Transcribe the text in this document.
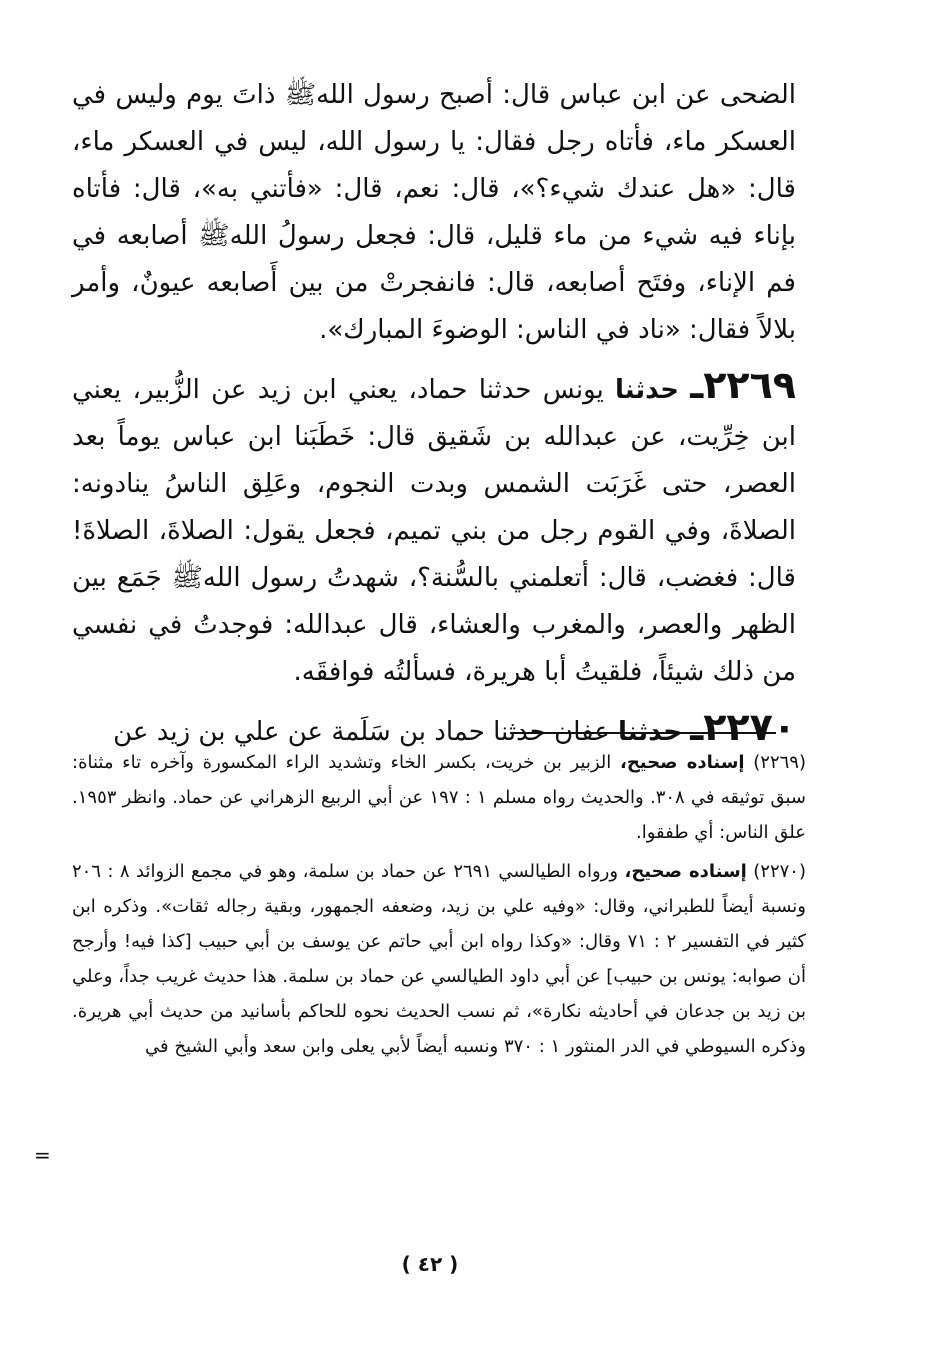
الضحى عن ابن عباس قال: أصبح رسول اللهﷺ ذاتَ يوم وليس في العسكر ماء، فأتاه رجل فقال: يا رسول الله، ليس في العسكر ماء، قال: «هل عندك شيء؟»، قال: نعم، قال: «فأتني به»، قال: فأتاه بإناء فيه شيء من ماء قليل، قال: فجعل رسولُ اللهﷺ أصابعه في فم الإناء، وفتَح أصابعه، قال: فانفجرتْ من بين أَصابعه عيونٌ، وأمر بلالاً فقال: «ناد في الناس: الوضوءَ المبارك».

٢٢٦٩ـ حدثنا يونس حدثنا حماد، يعني ابن زيد عن الزُّبير، يعني ابن خِرِّيت، عن عبدالله بن شَقيق قال: خَطَبَنا ابن عباس يوماً بعد العصر، حتى غَرَبَت الشمس وبدت النجوم، وعَلِق الناسُ ينادونه: الصلاةَ، وفي القوم رجل من بني تميم، فجعل يقول: الصلاةَ، الصلاةَ! قال: فغضب، قال: أتعلمني بالسُّنة؟، شهدتُ رسول اللهﷺ جَمَع بين الظهر والعصر، والمغرب والعشاء، قال عبدالله: فوجدتُ في نفسي من ذلك شيئاً، فلقيتُ أبا هريرة، فسألتُه فوافقَه.

٢٢٧٠ـ حدثنا عفان حدثنا حماد بن سَلَمة عن علي بن زيد عن

(٢٢٦٩) إسناده صحيح، الزبير بن خريت، بكسر الخاء وتشديد الراء المكسورة وآخره تاء مثناة: سبق توثيقه في ٣٠٨. والحديث رواه مسلم ١ : ١٩٧ عن أبي الربيع الزهراني عن حماد. وانظر ١٩٥٣. علق الناس: أي طفقوا.

(٢٢٧٠) إسناده صحيح، ورواه الطيالسي ٢٦٩١ عن حماد بن سلمة، وهو في مجمع الزوائد ٨ : ٢٠٦ ونسبة أيضاً للطبراني، وقال: «وفيه علي بن زيد، وضعفه الجمهور، وبقية رجاله ثقات». وذكره ابن كثير في التفسير ٢ : ٧١ وقال: «وكذا رواه ابن أبي حاتم عن يوسف بن أبي حبيب [كذا فيه! وأرجح أن صوابه: يونس بن حبيب] عن أبي داود الطيالسي عن حماد بن سلمة. هذا حديث غريب جداً، وعلي بن زيد بن جدعان في أحاديثه نكارة»، ثم نسب الحديث نحوه للحاكم بأسانيد من حديث أبي هريرة. وذكره السيوطي في الدر المنثور ١ : ٣٧٠ ونسبه أيضاً لأبي يعلى وابن سعد وأبي الشيخ في

=
( ٤٢ )
